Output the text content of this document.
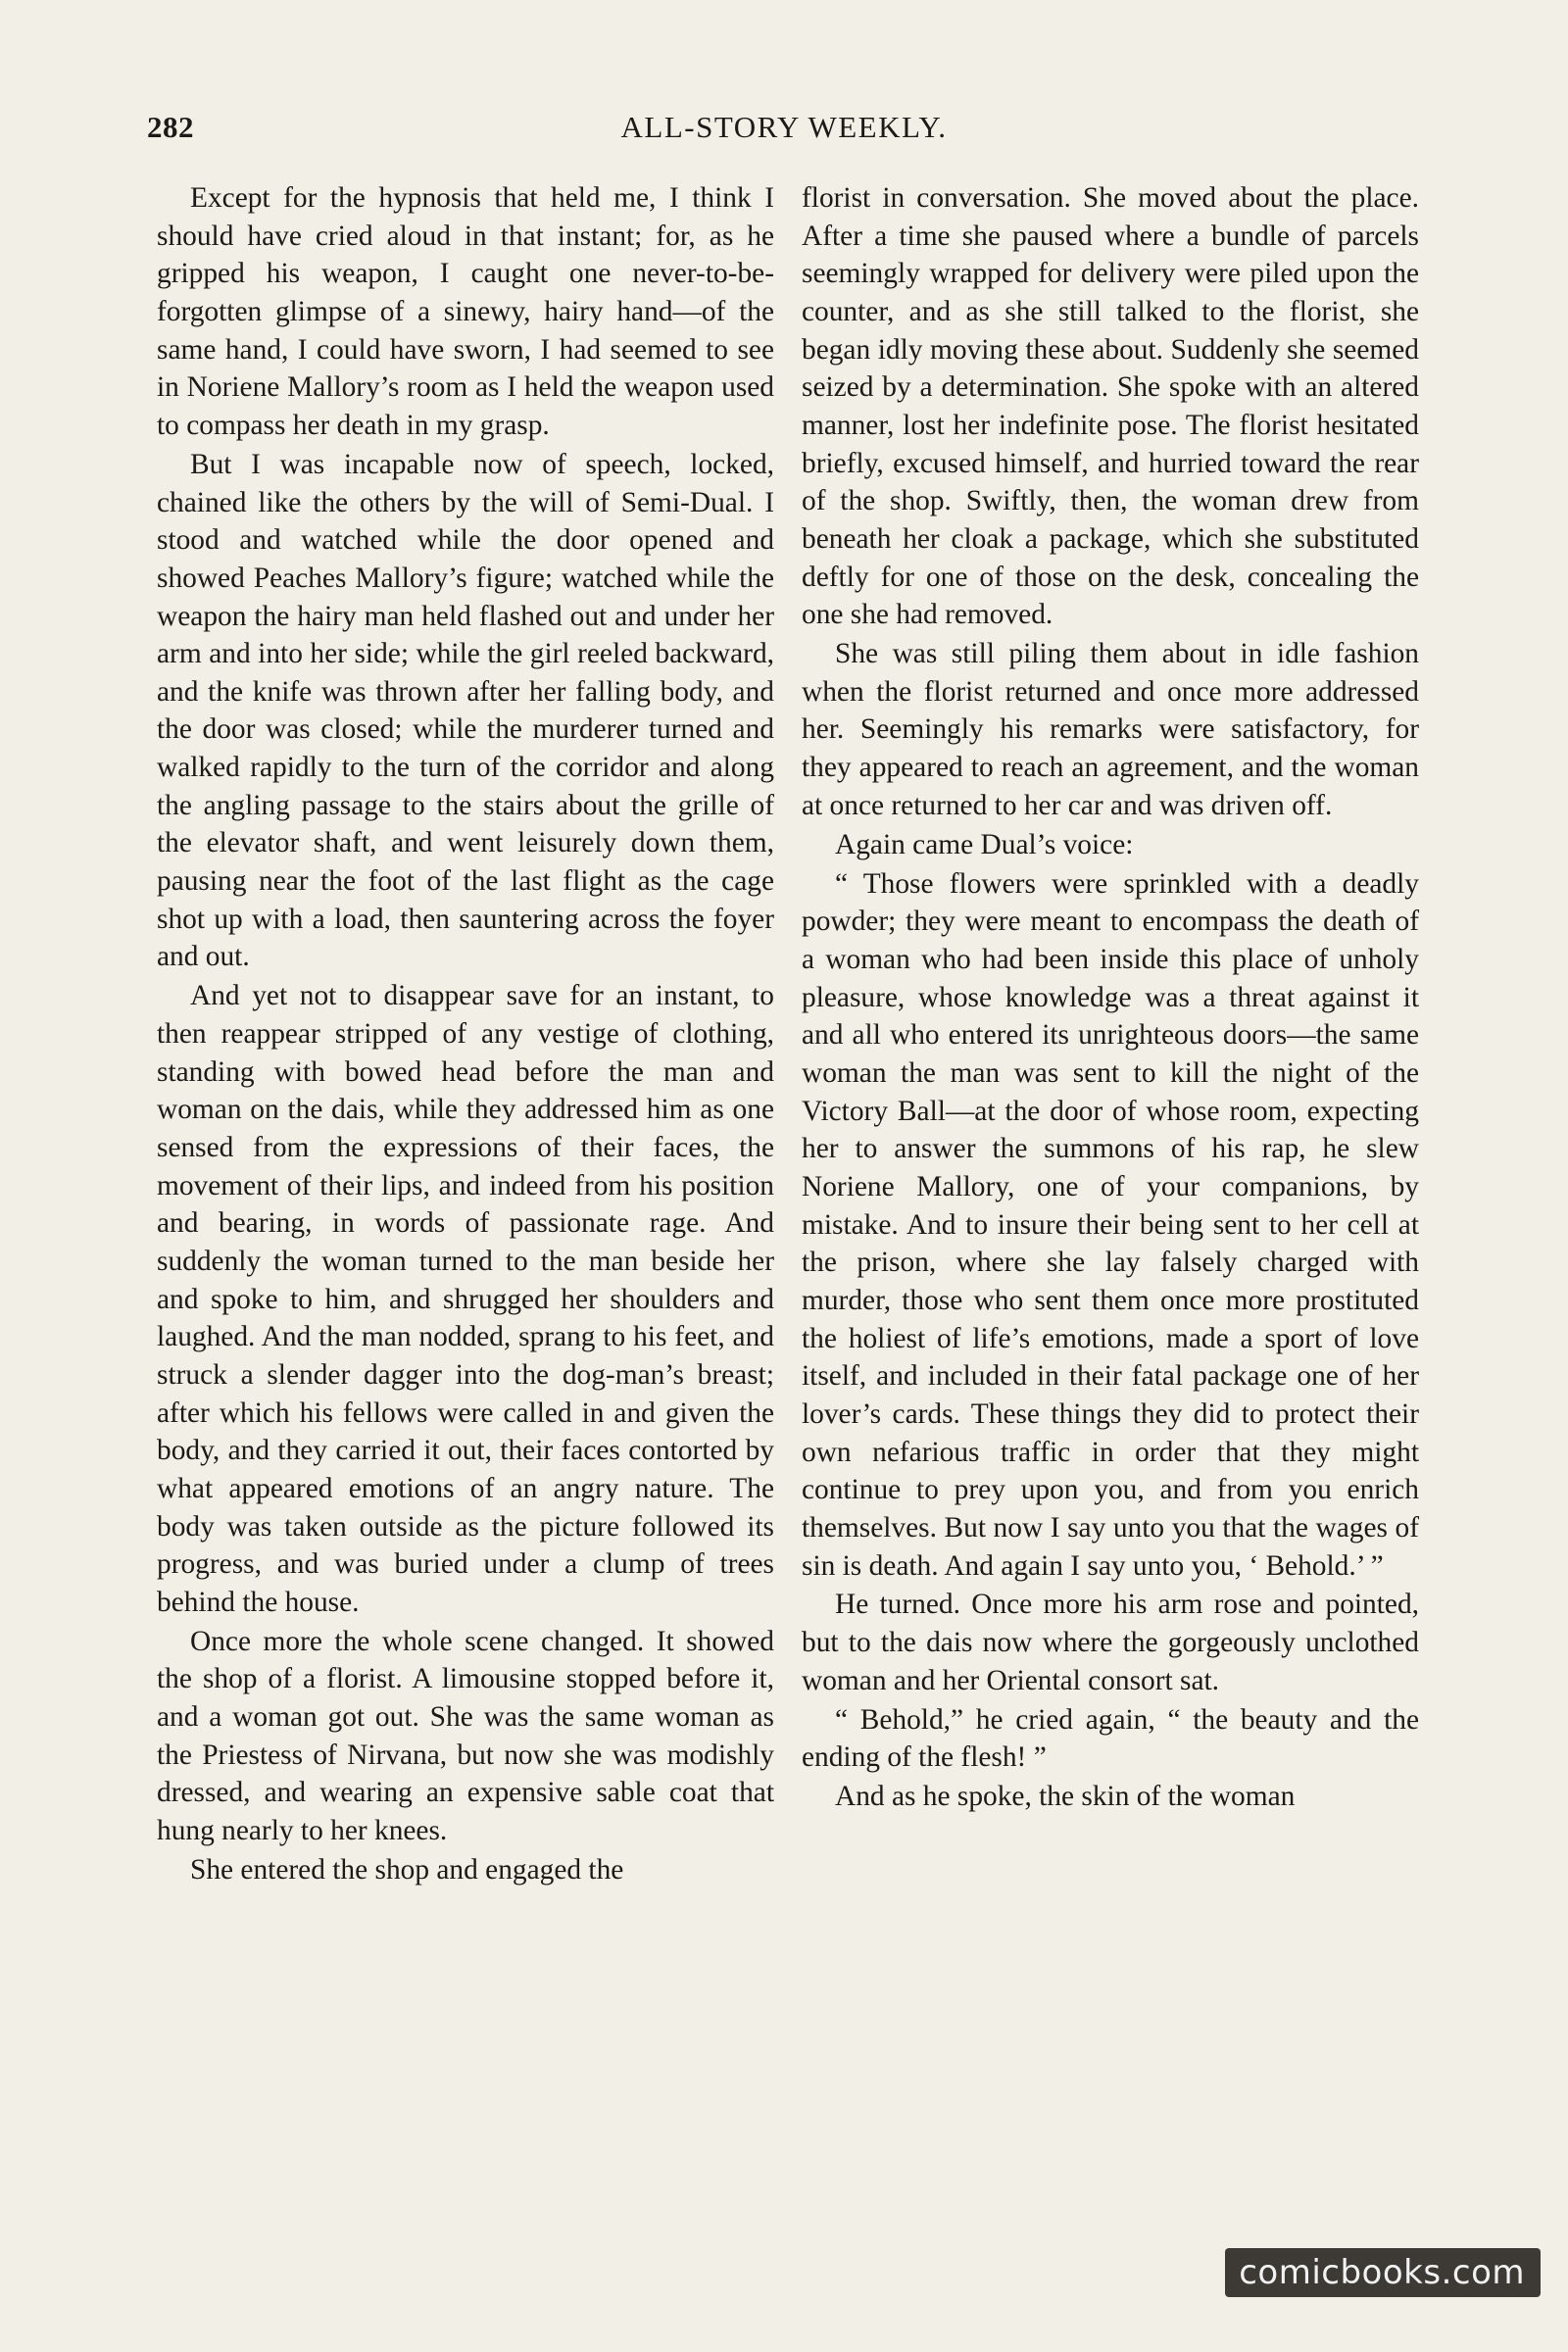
282	ALL-STORY WEEKLY.

Except for the hypnosis that held me, I think I should have cried aloud in that instant; for, as he gripped his weapon, I caught one never-to-be-forgotten glimpse of a sinewy, hairy hand—of the same hand, I could have sworn, I had seemed to see in Noriene Mallory’s room as I held the weapon used to compass her death in my grasp.

But I was incapable now of speech, locked, chained like the others by the will of Semi-Dual. I stood and watched while the door opened and showed Peaches Mallory’s figure; watched while the weapon the hairy man held flashed out and under her arm and into her side; while the girl reeled backward, and the knife was thrown after her falling body, and the door was closed; while the murderer turned and walked rapidly to the turn of the corridor and along the angling passage to the stairs about the grille of the elevator shaft, and went leisurely down them, pausing near the foot of the last flight as the cage shot up with a load, then sauntering across the foyer and out.

And yet not to disappear save for an instant, to then reappear stripped of any vestige of clothing, standing with bowed head before the man and woman on the dais, while they addressed him as one sensed from the expressions of their faces, the movement of their lips, and indeed from his position and bearing, in words of passionate rage. And suddenly the woman turned to the man beside her and spoke to him, and shrugged her shoulders and laughed. And the man nodded, sprang to his feet, and struck a slender dagger into the dog-man’s breast; after which his fellows were called in and given the body, and they carried it out, their faces contorted by what appeared emotions of an angry nature. The body was taken outside as the picture followed its progress, and was buried under a clump of trees behind the house.

Once more the whole scene changed. It showed the shop of a florist. A limousine stopped before it, and a woman got out. She was the same woman as the Priestess of Nirvana, but now she was modishly dressed, and wearing an expensive sable coat that hung nearly to her knees.

She entered the shop and engaged the

florist in conversation. She moved about the place. After a time she paused where a bundle of parcels seemingly wrapped for delivery were piled upon the counter, and as she still talked to the florist, she began idly moving these about. Suddenly she seemed seized by a determination. She spoke with an altered manner, lost her indefinite pose. The florist hesitated briefly, excused himself, and hurried toward the rear of the shop. Swiftly, then, the woman drew from beneath her cloak a package, which she substituted deftly for one of those on the desk, concealing the one she had removed.

She was still piling them about in idle fashion when the florist returned and once more addressed her. Seemingly his remarks were satisfactory, for they appeared to reach an agreement, and the woman at once returned to her car and was driven off.

Again came Dual’s voice:

“ Those flowers were sprinkled with a deadly powder; they were meant to encompass the death of a woman who had been inside this place of unholy pleasure, whose knowledge was a threat against it and all who entered its unrighteous doors—the same woman the man was sent to kill the night of the Victory Ball—at the door of whose room, expecting her to answer the summons of his rap, he slew Noriene Mallory, one of your companions, by mistake. And to insure their being sent to her cell at the prison, where she lay falsely charged with murder, those who sent them once more prostituted the holiest of life’s emotions, made a sport of love itself, and included in their fatal package one of her lover’s cards. These things they did to protect their own nefarious traffic in order that they might continue to prey upon you, and from you enrich themselves. But now I say unto you that the wages of sin is death. And again I say unto you, ‘ Behold.’ ”

He turned. Once more his arm rose and pointed, but to the dais now where the gorgeously unclothed woman and her Oriental consort sat.

“ Behold,” he cried again, “ the beauty and the ending of the flesh! ”

And as he spoke, the skin of the woman

comicbooks.com
